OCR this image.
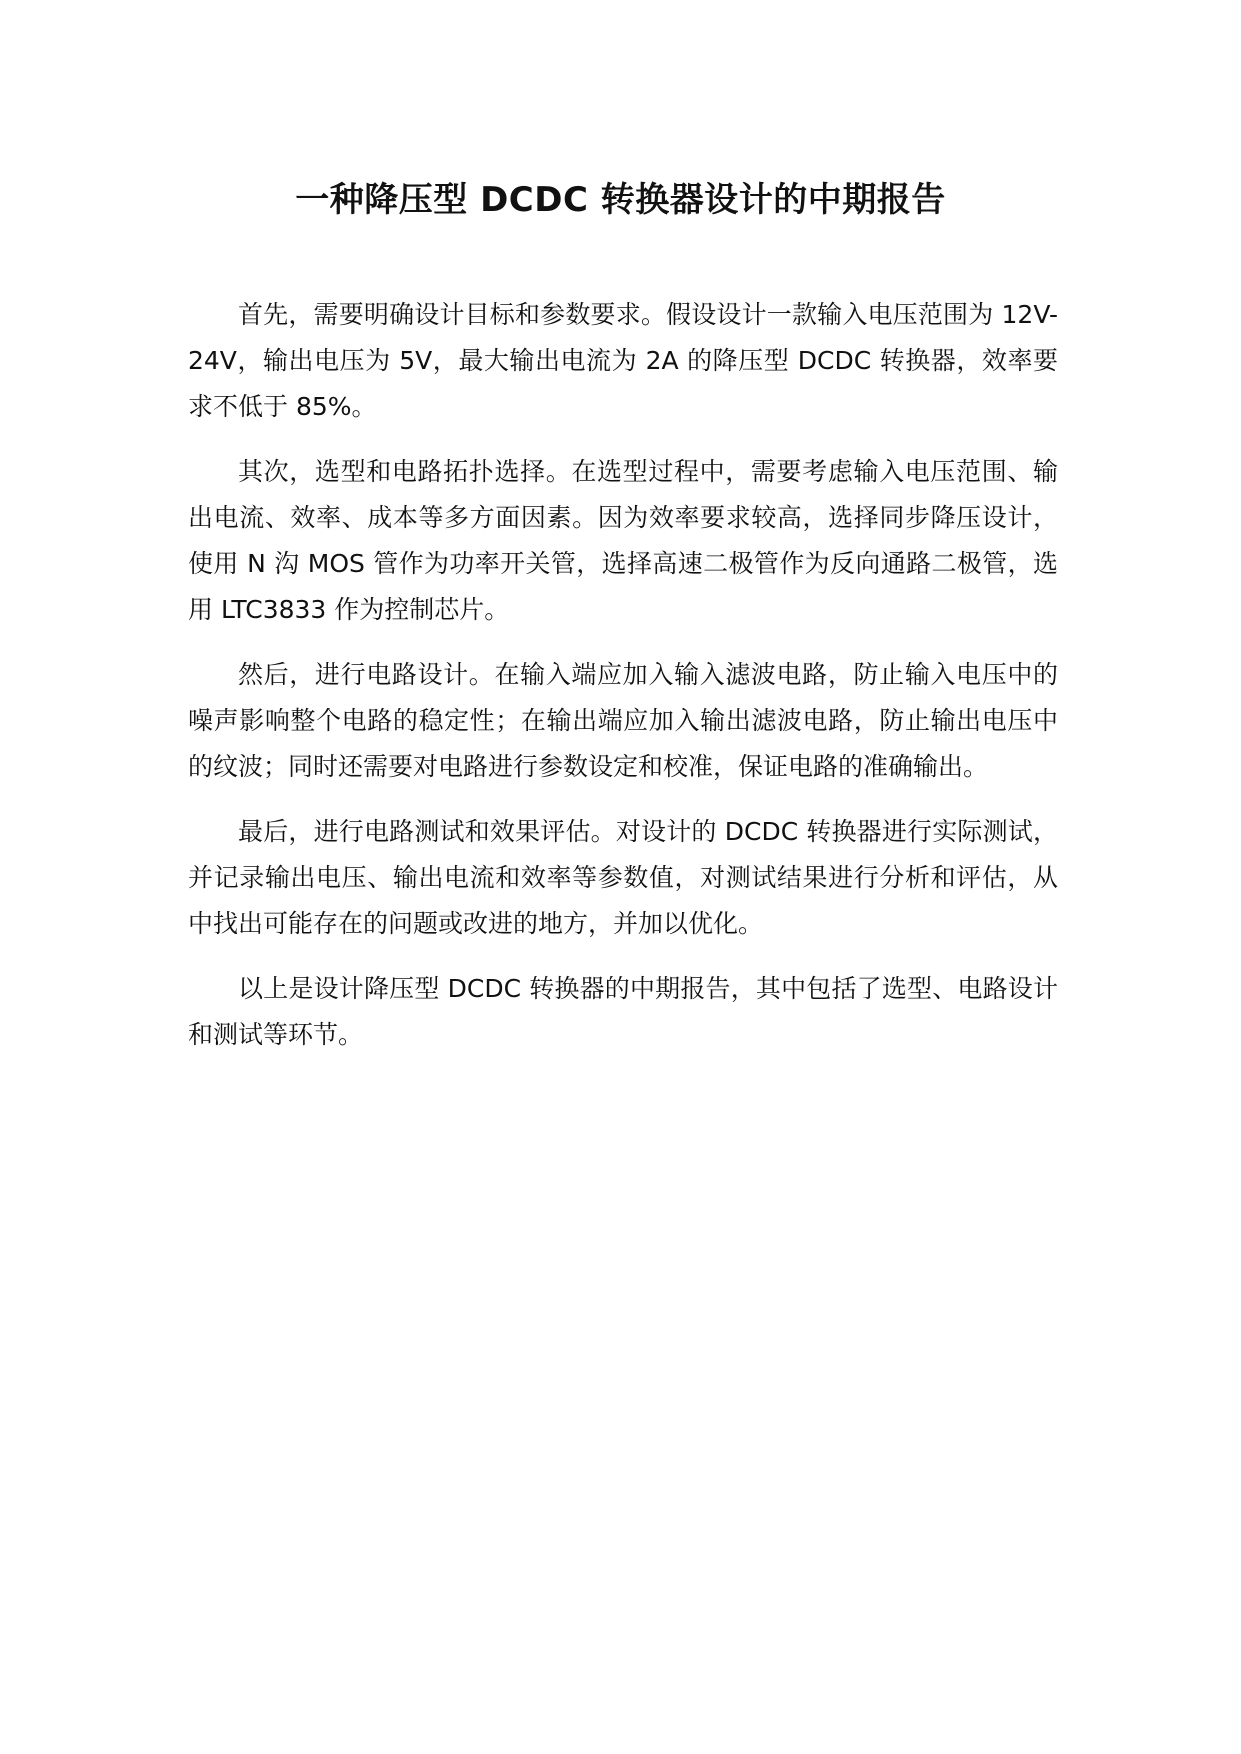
一种降压型 DCDC 转换器设计的中期报告

首先，需要明确设计目标和参数要求。假设设计一款输入电压范围为 12V-24V，输出电压为 5V，最大输出电流为 2A 的降压型 DCDC 转换器，效率要求不低于 85%。

其次，选型和电路拓扑选择。在选型过程中，需要考虑输入电压范围、输出电流、效率、成本等多方面因素。因为效率要求较高，选择同步降压设计，使用 N 沟 MOS 管作为功率开关管，选择高速二极管作为反向通路二极管，选用 LTC3833 作为控制芯片。

然后，进行电路设计。在输入端应加入输入滤波电路，防止输入电压中的噪声影响整个电路的稳定性；在输出端应加入输出滤波电路，防止输出电压中的纹波；同时还需要对电路进行参数设定和校准，保证电路的准确输出。

最后，进行电路测试和效果评估。对设计的 DCDC 转换器进行实际测试，并记录输出电压、输出电流和效率等参数值，对测试结果进行分析和评估，从中找出可能存在的问题或改进的地方，并加以优化。

以上是设计降压型 DCDC 转换器的中期报告，其中包括了选型、电路设计和测试等环节。
